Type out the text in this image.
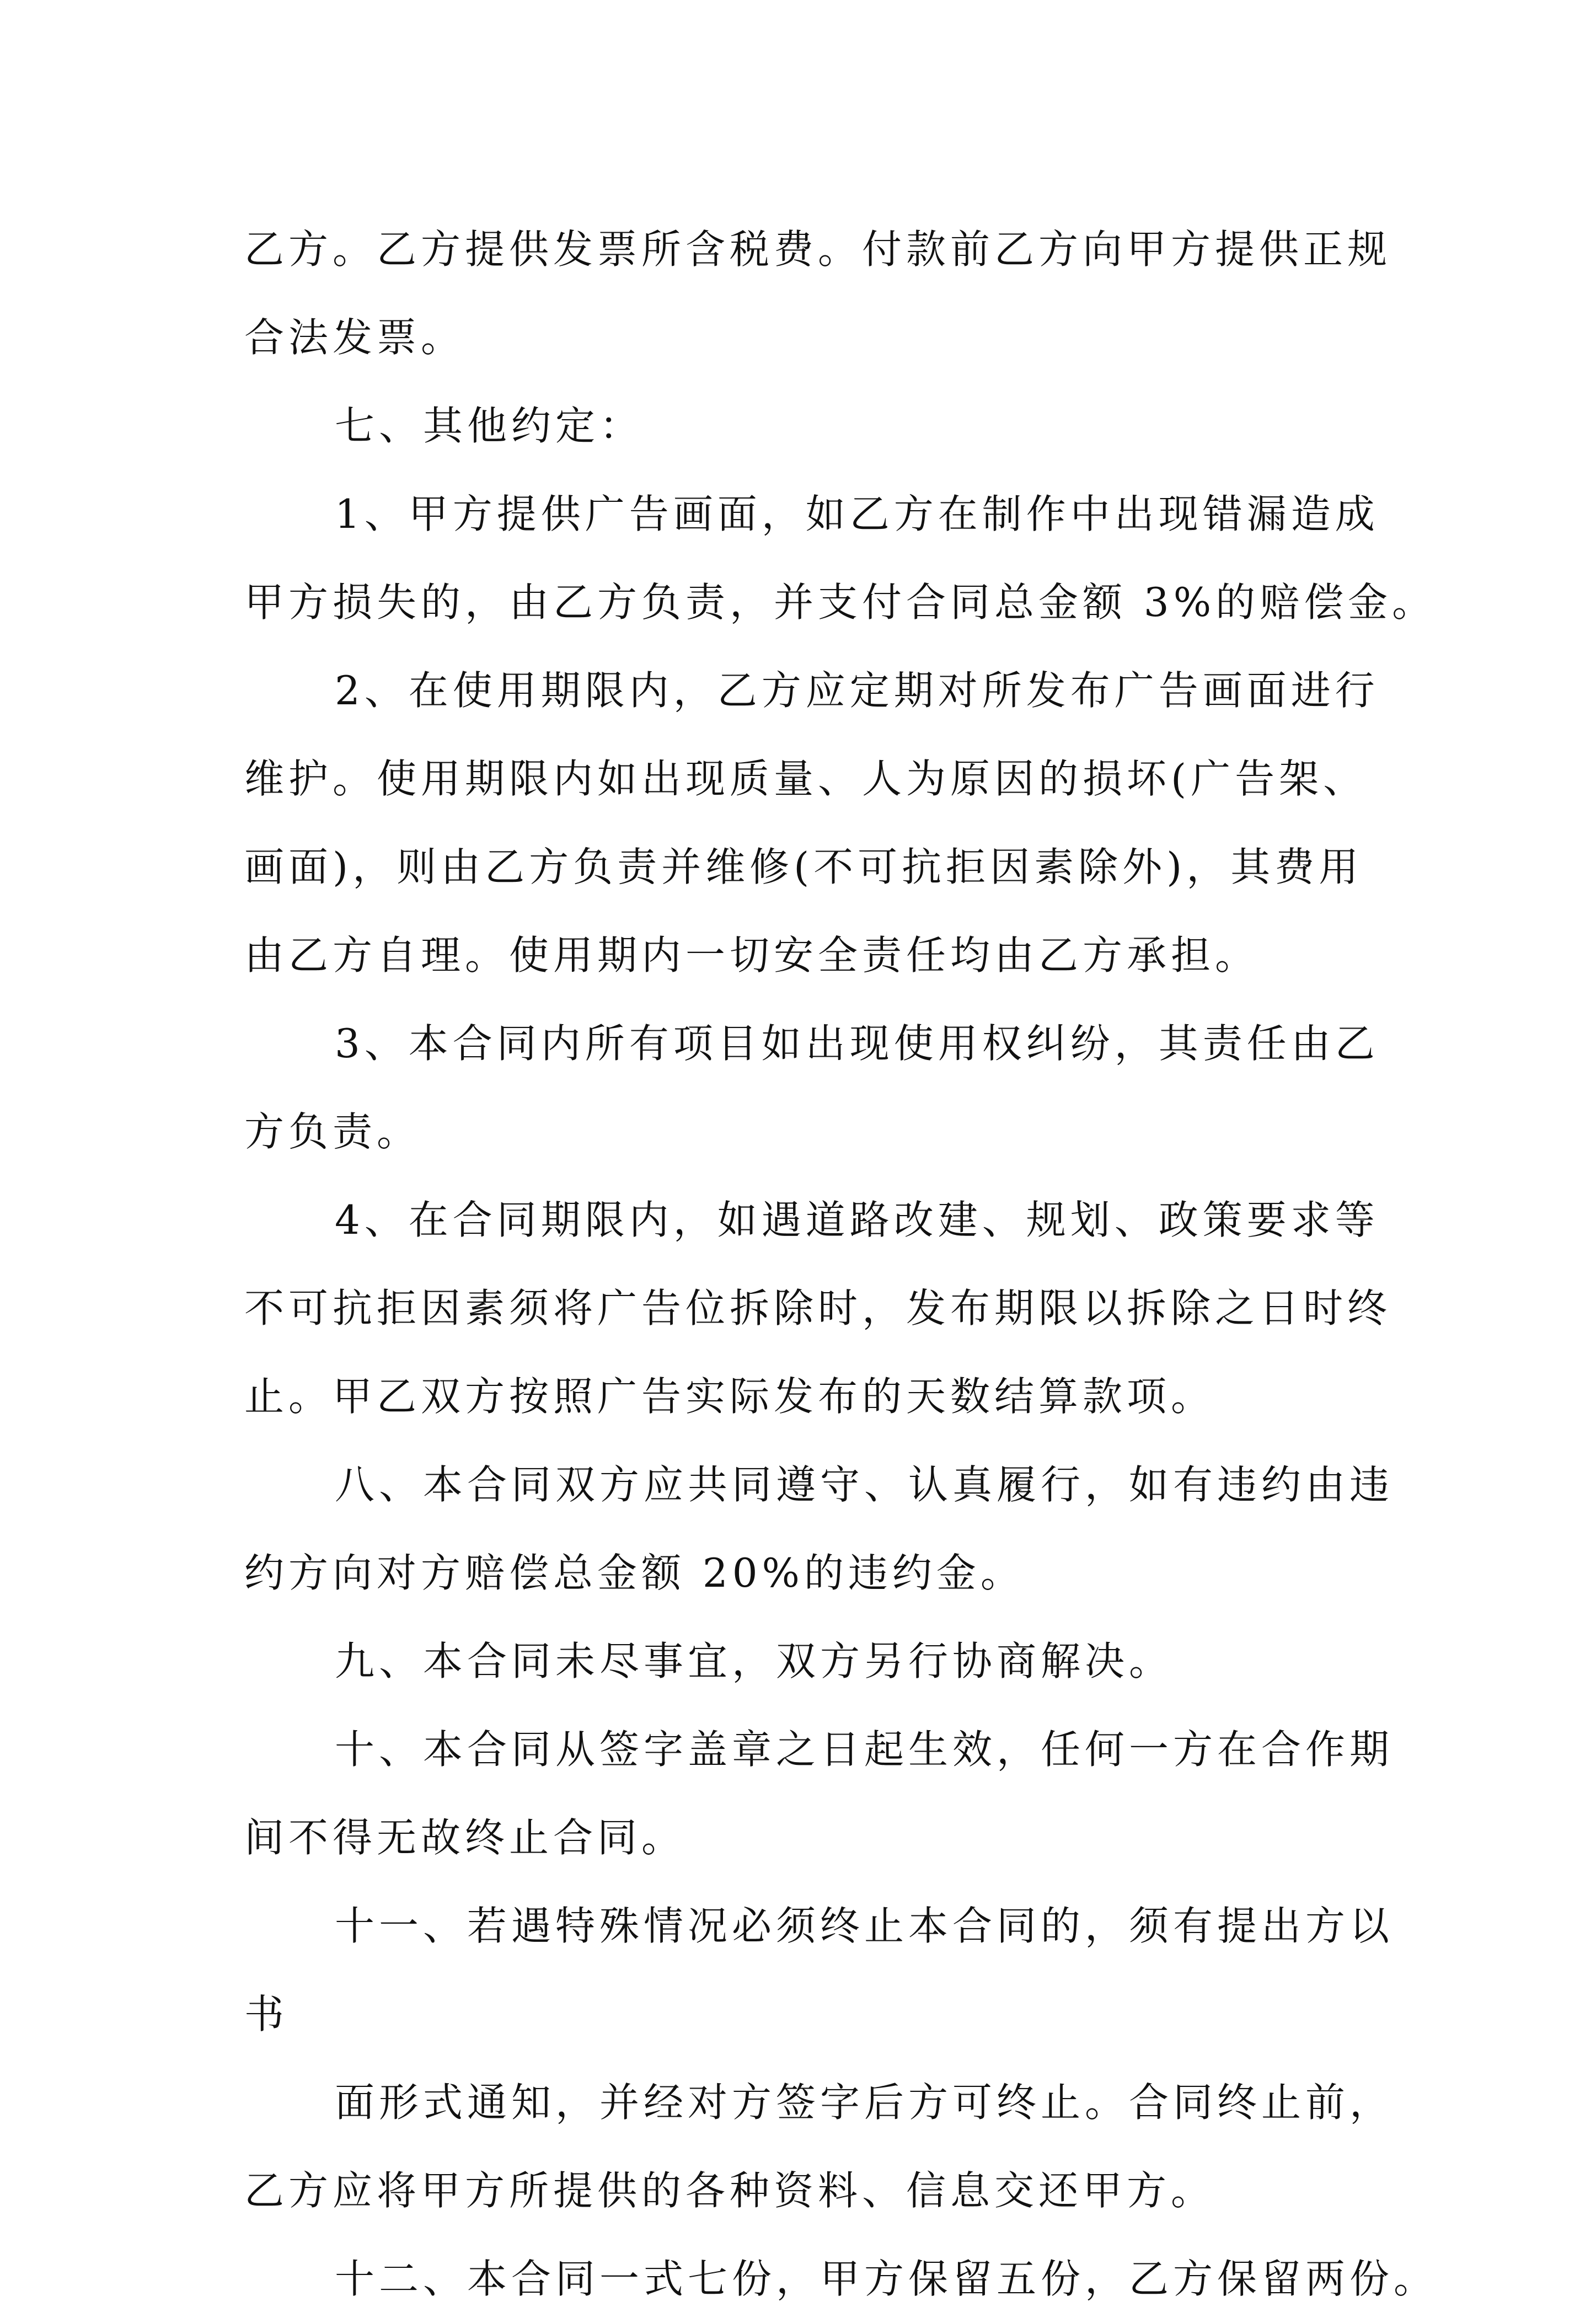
乙方。乙方提供发票所含税费。付款前乙方向甲方提供正规
合法发票。
七、其他约定：
1、甲方提供广告画面，如乙方在制作中出现错漏造成
甲方损失的，由乙方负责，并支付合同总金额 3%的赔偿金。
2、在使用期限内，乙方应定期对所发布广告画面进行
维护。使用期限内如出现质量、人为原因的损坏(广告架、
画面)，则由乙方负责并维修(不可抗拒因素除外)，其费用
由乙方自理。使用期内一切安全责任均由乙方承担。
3、本合同内所有项目如出现使用权纠纷，其责任由乙
方负责。
4、在合同期限内，如遇道路改建、规划、政策要求等
不可抗拒因素须将广告位拆除时，发布期限以拆除之日时终
止。甲乙双方按照广告实际发布的天数结算款项。
八、本合同双方应共同遵守、认真履行，如有违约由违
约方向对方赔偿总金额 20%的违约金。
九、本合同未尽事宜，双方另行协商解决。
十、本合同从签字盖章之日起生效，任何一方在合作期
间不得无故终止合同。
十一、若遇特殊情况必须终止本合同的，须有提出方以
书
面形式通知，并经对方签字后方可终止。合同终止前，
乙方应将甲方所提供的各种资料、信息交还甲方。
十二、本合同一式七份，甲方保留五份，乙方保留两份。
